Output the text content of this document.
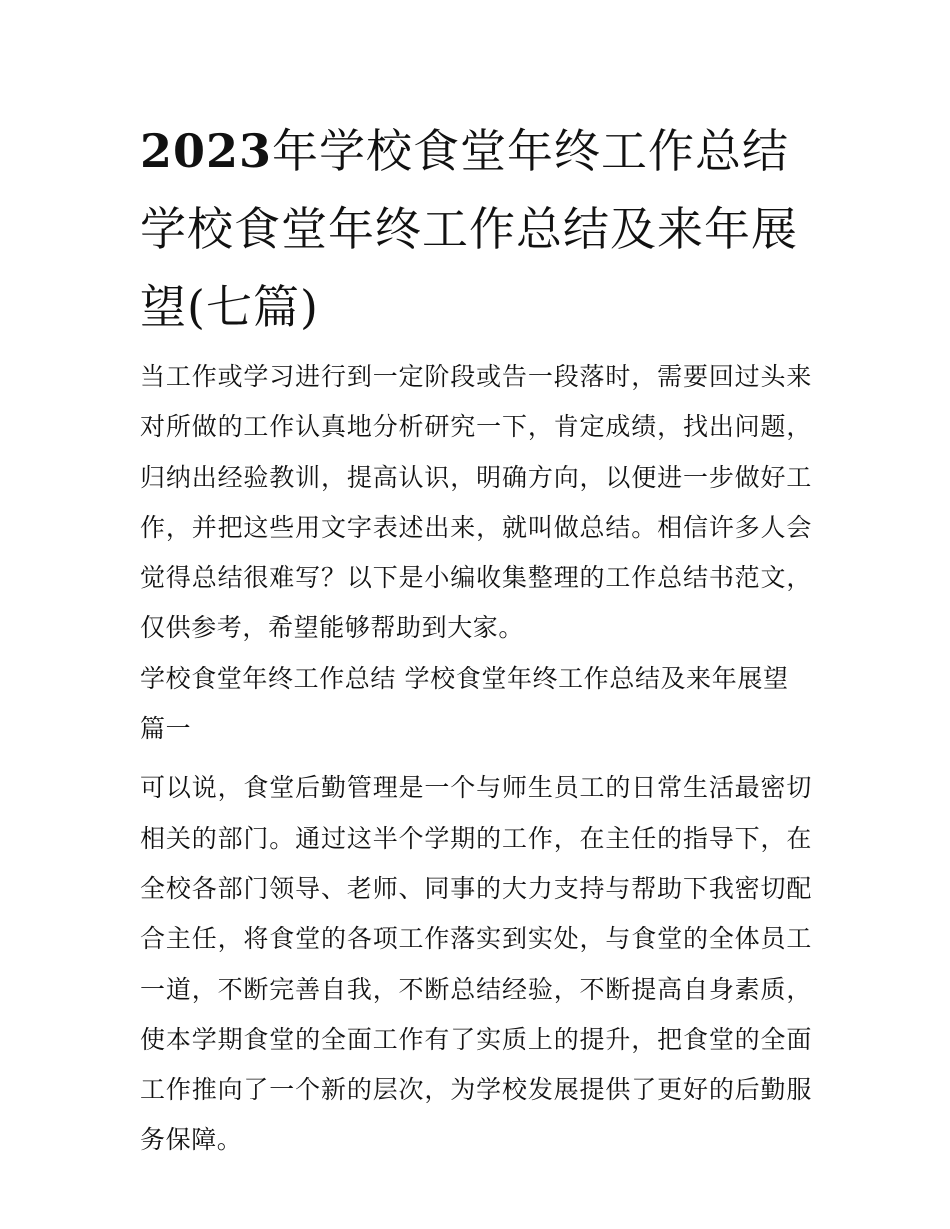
2023年学校食堂年终工作总结学校食堂年终工作总结及来年展望(七篇)

当工作或学习进行到一定阶段或告一段落时，需要回过头来对所做的工作认真地分析研究一下，肯定成绩，找出问题，归纳出经验教训，提高认识，明确方向，以便进一步做好工作，并把这些用文字表述出来，就叫做总结。相信许多人会觉得总结很难写？以下是小编收集整理的工作总结书范文，仅供参考，希望能够帮助到大家。

学校食堂年终工作总结 学校食堂年终工作总结及来年展望篇一

可以说，食堂后勤管理是一个与师生员工的日常生活最密切相关的部门。通过这半个学期的工作，在主任的指导下，在全校各部门领导、老师、同事的大力支持与帮助下我密切配合主任，将食堂的各项工作落实到实处，与食堂的全体员工一道，不断完善自我，不断总结经验，不断提高自身素质，使本学期食堂的全面工作有了实质上的提升，把食堂的全面工作推向了一个新的层次，为学校发展提供了更好的后勤服务保障。
